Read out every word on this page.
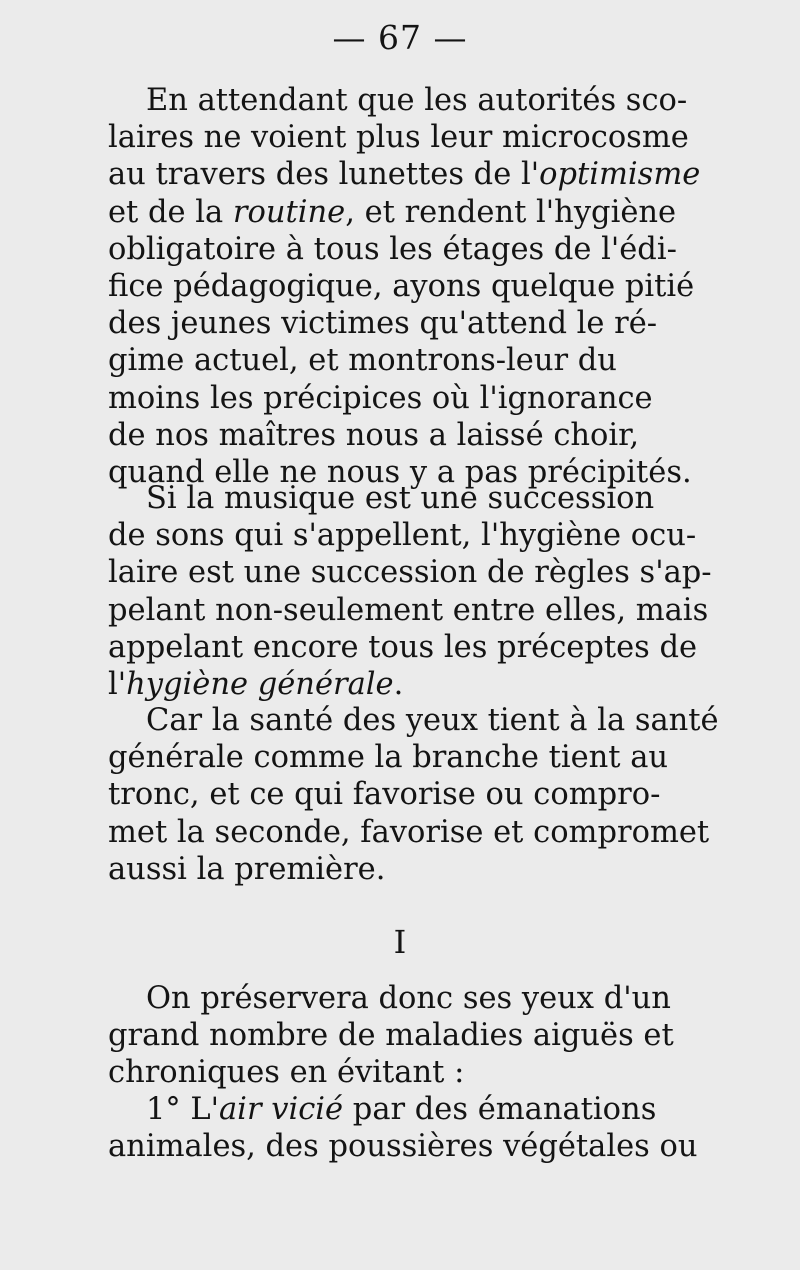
— 67 —

En attendant que les autorités sco-
laires ne voient plus leur microcosme
au travers des lunettes de l'optimisme
et de la routine, et rendent l'hygiène
obligatoire à tous les étages de l'édi-
fice pédagogique, ayons quelque pitié
des jeunes victimes qu'attend le ré-
gime actuel, et montrons-leur du
moins les précipices où l'ignorance
de nos maîtres nous a laissé choir,
quand elle ne nous y a pas précipités.

Si la musique est une succession
de sons qui s'appellent, l'hygiène ocu-
laire est une succession de règles s'ap-
pelant non-seulement entre elles, mais
appelant encore tous les préceptes de
l'hygiène générale.

Car la santé des yeux tient à la santé
générale comme la branche tient au
tronc, et ce qui favorise ou compro-
met la seconde, favorise et compromet
aussi la première.

I

On préservera donc ses yeux d'un
grand nombre de maladies aiguës et
chroniques en évitant :

1° L'air vicié par des émanations
animales, des poussières végétales ou
